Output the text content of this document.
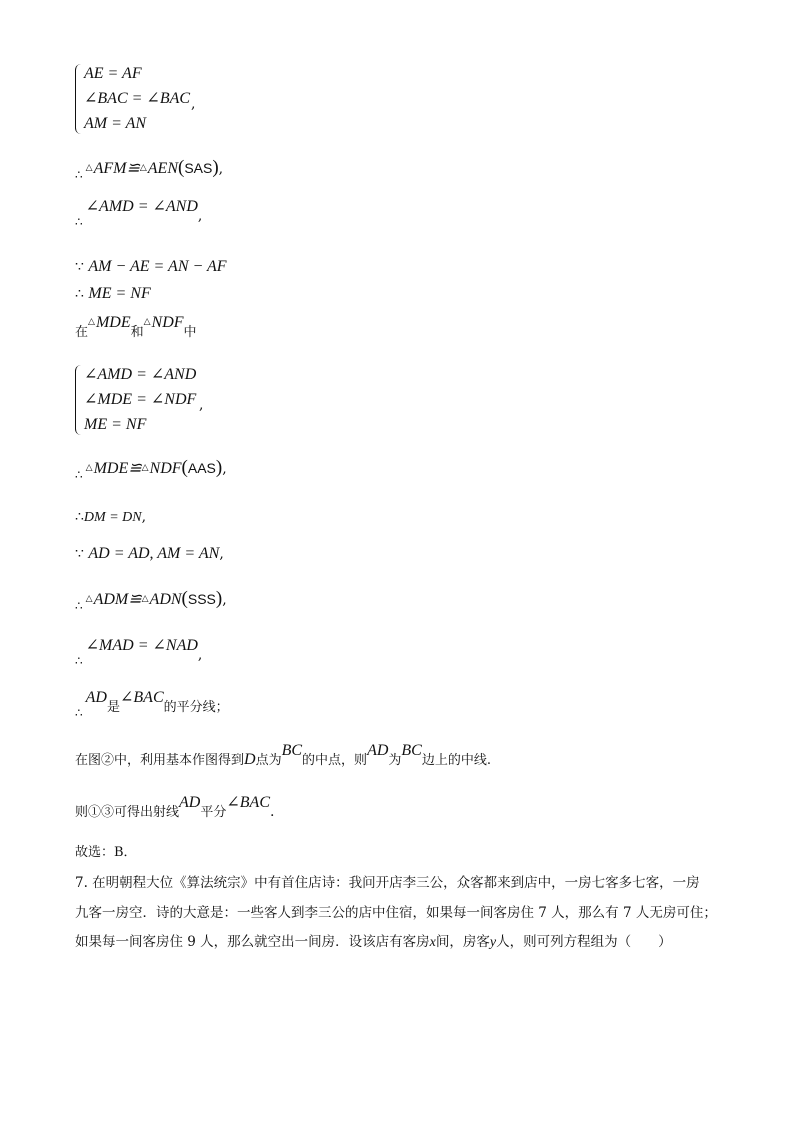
AE = AF
∠BAC = ∠BAC
AM = AN
,
∴△AFM≌△AEN(SAS),
∴∠AMD = ∠AND,
∵ AM − AE = AN − AF
∴ ME = NF
在△MDE和△NDF中
∠AMD = ∠AND
∠MDE = ∠NDF
ME = NF
,
∴△MDE≌△NDF(AAS),
∴DM = DN,
∵ AD = AD, AM = AN,
∴△ADM≌△ADN(SSS),
∴∠MAD = ∠NAD,
∴AD是∠BAC的平分线；
在图②中，利用基本作图得到D点为BC的中点，则AD为BC边上的中线.
则①③可得出射线AD平分∠BAC.
故选：B．
7. 在明朝程大位《算法统宗》中有首住店诗：我问开店李三公，众客都来到店中，一房七客多七客，一房
九客一房空．诗的大意是：一些客人到李三公的店中住宿，如果每一间客房住 7 人，那么有 7 人无房可住；
如果每一间客房住 9 人，那么就空出一间房．设该店有客房x间，房客y人，则可列方程组为（　　）
